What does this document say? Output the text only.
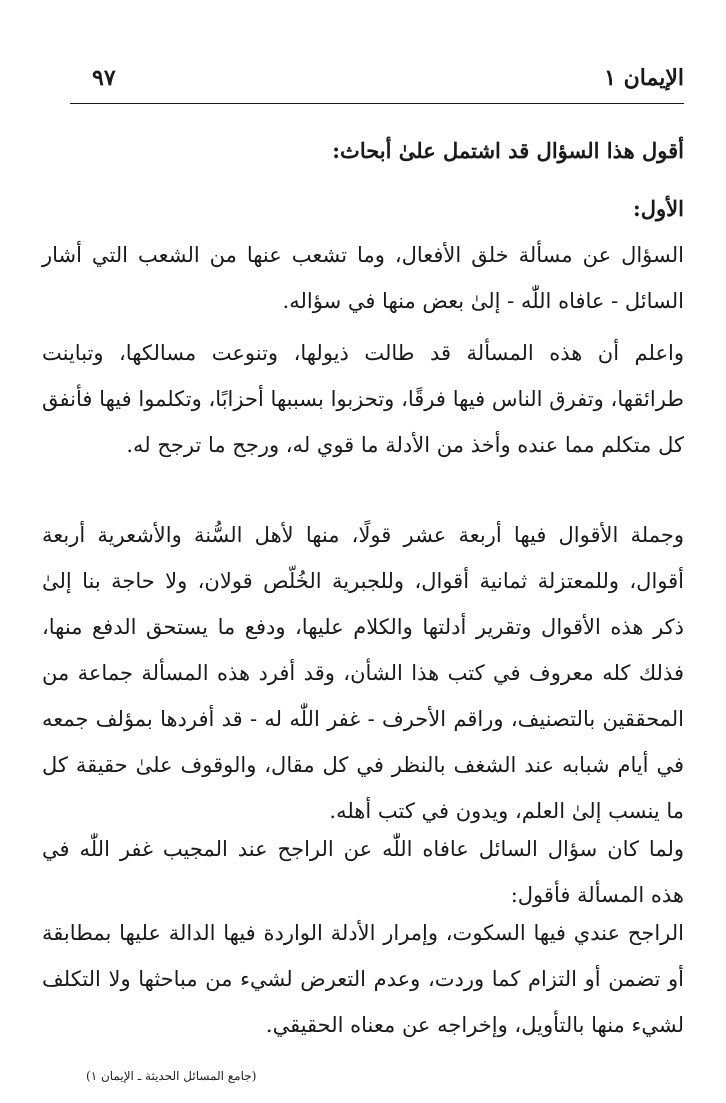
الإيمان ١
٩٧

أقول هذا السؤال قد اشتمل علىٰ أبحاث:

الأول:

السؤال عن مسألة خلق الأفعال، وما تشعب عنها من الشعب التي أشار السائل - عافاه اللّٰه - إلىٰ بعض منها في سؤاله.

واعلم أن هذه المسألة قد طالت ذيولها، وتنوعت مسالكها، وتباينت طرائقها، وتفرق الناس فيها فرقًا، وتحزبوا بسببها أحزابًا، وتكلموا فيها فأنفق كل متكلم مما عنده وأخذ من الأدلة ما قوي له، ورجح ما ترجح له.

وجملة الأقوال فيها أربعة عشر قولًا، منها لأهل السُّنة والأشعرية أربعة أقوال، وللمعتزلة ثمانية أقوال، وللجبرية الخُلّص قولان، ولا حاجة بنا إلىٰ ذكر هذه الأقوال وتقرير أدلتها والكلام عليها، ودفع ما يستحق الدفع منها، فذلك كله معروف في كتب هذا الشأن، وقد أفرد هذه المسألة جماعة من المحققين بالتصنيف، وراقم الأحرف - غفر اللّٰه له - قد أفردها بمؤلف جمعه في أيام شبابه عند الشغف بالنظر في كل مقال، والوقوف علىٰ حقيقة كل ما ينسب إلىٰ العلم، ويدون في كتب أهله.

ولما كان سؤال السائل عافاه اللّٰه عن الراجح عند المجيب غفر اللّٰه في هذه المسألة فأقول:

الراجح عندي فيها السكوت، وإمرار الأدلة الواردة فيها الدالة عليها بمطابقة أو تضمن أو التزام كما وردت، وعدم التعرض لشيء من مباحثها ولا التكلف لشيء منها بالتأويل، وإخراجه عن معناه الحقيقي.

(جامع المسائل الحديثة ـ الإيمان ١)
